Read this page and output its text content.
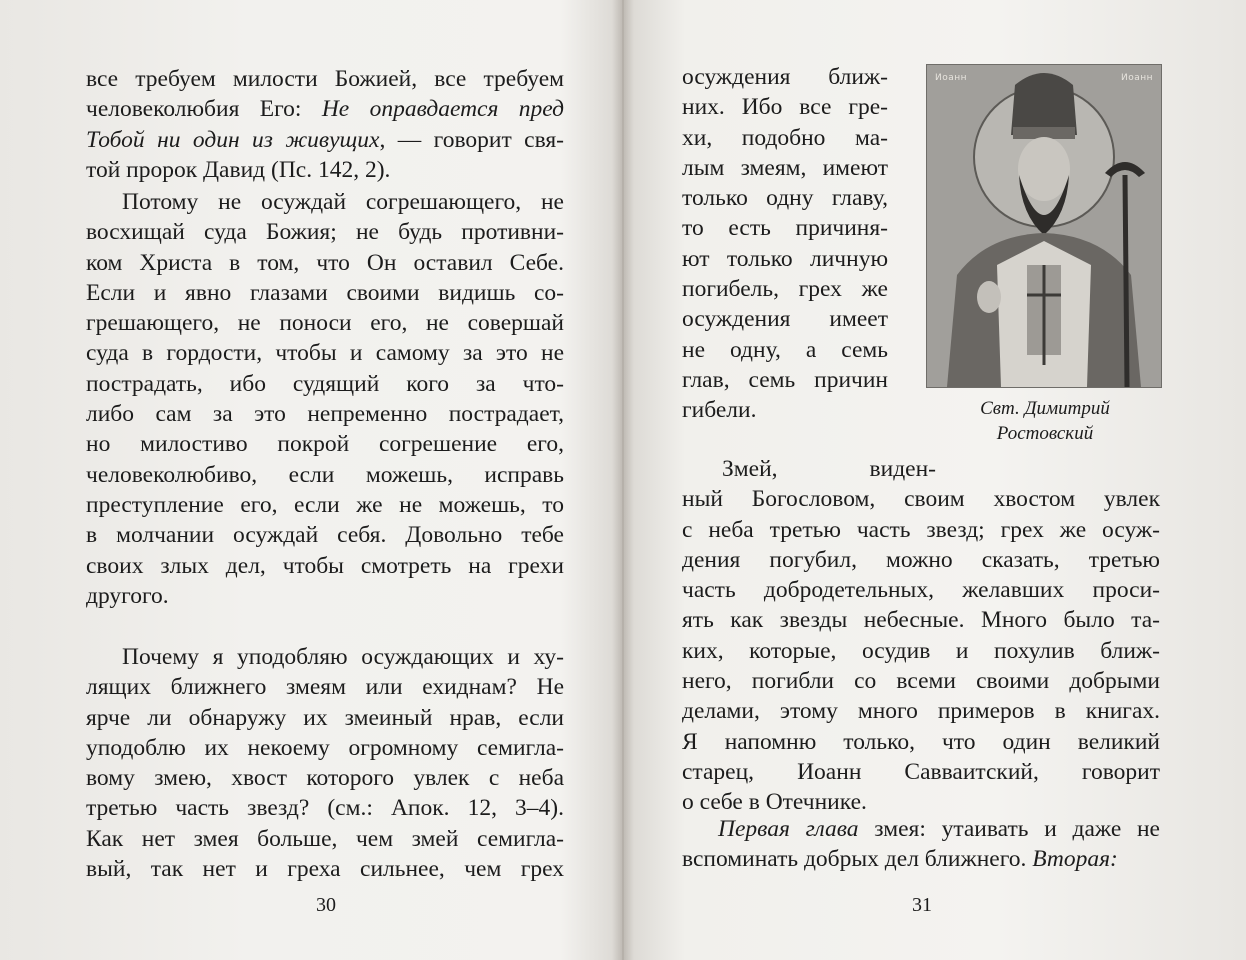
все требуем милости Божией, все требуем
человеколюбия Его: Не оправдается пред
Тобой ни один из живущих, — говорит свя-
той пророк Давид (Пс. 142, 2).

Потому не осуждай согрешающего, не
восхищай суда Божия; не будь противни-
ком Христа в том, что Он оставил Себе.
Если и явно глазами своими видишь со-
грешающего, не поноси его, не совершай
суда в гордости, чтобы и самому за это не
пострадать, ибо судящий кого за что-
либо сам за это непременно пострадает,
но милостиво покрой согрешение его,
человеколюбиво, если можешь, исправь
преступление его, если же не можешь, то
в молчании осуждай себя. Довольно тебе
своих злых дел, чтобы смотреть на грехи
другого.

Почему я уподобляю осуждающих и ху-
лящих ближнего змеям или ехиднам? Не
ярче ли обнаружу их змеиный нрав, если
уподоблю их некоему огромному семигла-
вому змею, хвост которого увлек с неба
третью часть звезд? (см.: Апок. 12, 3–4).
Как нет змея больше, чем змей семигла-
вый, так нет и греха сильнее, чем грех

30

осуждения ближ-
них. Ибо все гре-
хи, подобно ма-
лым змеям, имеют
только одну главу,
то есть причиня-
ют только личную
погибель, грех же
осуждения имеет
не одну, а семь
глав, семь причин
гибели.

Иоанн	Иоанн
Свт. Димитрий
Ростовский

Змей, виден-
ный Богословом, своим хвостом увлек
с неба третью часть звезд; грех же осуж-
дения погубил, можно сказать, третью
часть добродетельных, желавших проси-
ять как звезды небесные. Много было та-
ких, которые, осудив и похулив ближ-
него, погибли со всеми своими добрыми
делами, этому много примеров в книгах.
Я напомню только, что один великий
старец, Иоанн Савваитский, говорит
о себе в Отечнике.

Первая глава змея: утаивать и даже не
вспоминать добрых дел ближнего. Вторая:

31
